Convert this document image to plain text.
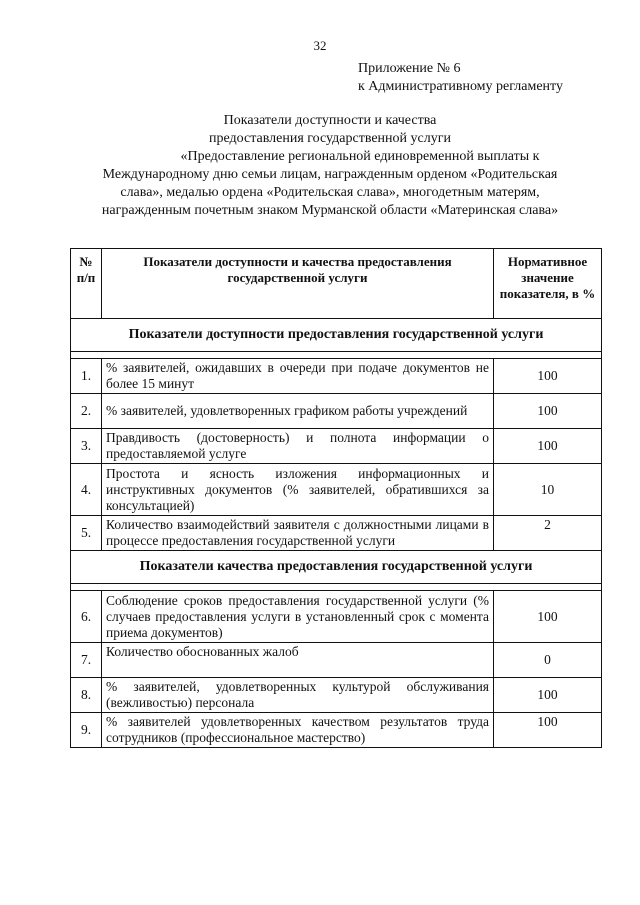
32
Приложение № 6
к Административному регламенту
Показатели доступности и качества
предоставления государственной услуги
«Предоставление региональной единовременной выплаты к
Международному дню семьи лицам, награжденным орденом «Родительская
слава», медалью ордена «Родительская слава», многодетным матерям,
награжденным почетным знаком Мурманской области «Материнская слава»
№ п/п	Показатели доступности и качества предоставления государственной услуги	Нормативное значение показателя, в %
Показатели доступности предоставления государственной услуги		

1.	% заявителей, ожидавших в очереди при подаче документов не более 15 минут	100
2.	% заявителей, удовлетворенных графиком работы учреждений	100
3.	Правдивость (достоверность) и полнота информации о предоставляемой услуге	100
4.	Простота и ясность изложения информационных и инструктивных документов (% заявителей, обратившихся за консультацией)	10
5.	Количество взаимодействий заявителя с должностными лицами в процессе предоставления государственной услуги	2
Показатели качества предоставления государственной услуги		

6.	Соблюдение сроков предоставления государственной услуги (% случаев предоставления услуги в установленный срок с момента приема документов)	100
7.	Количество обоснованных жалоб	0
8.	% заявителей, удовлетворенных культурой обслуживания (вежливостью) персонала	100
9.	% заявителей удовлетворенных качеством результатов труда сотрудников (профессиональное мастерство)	100
